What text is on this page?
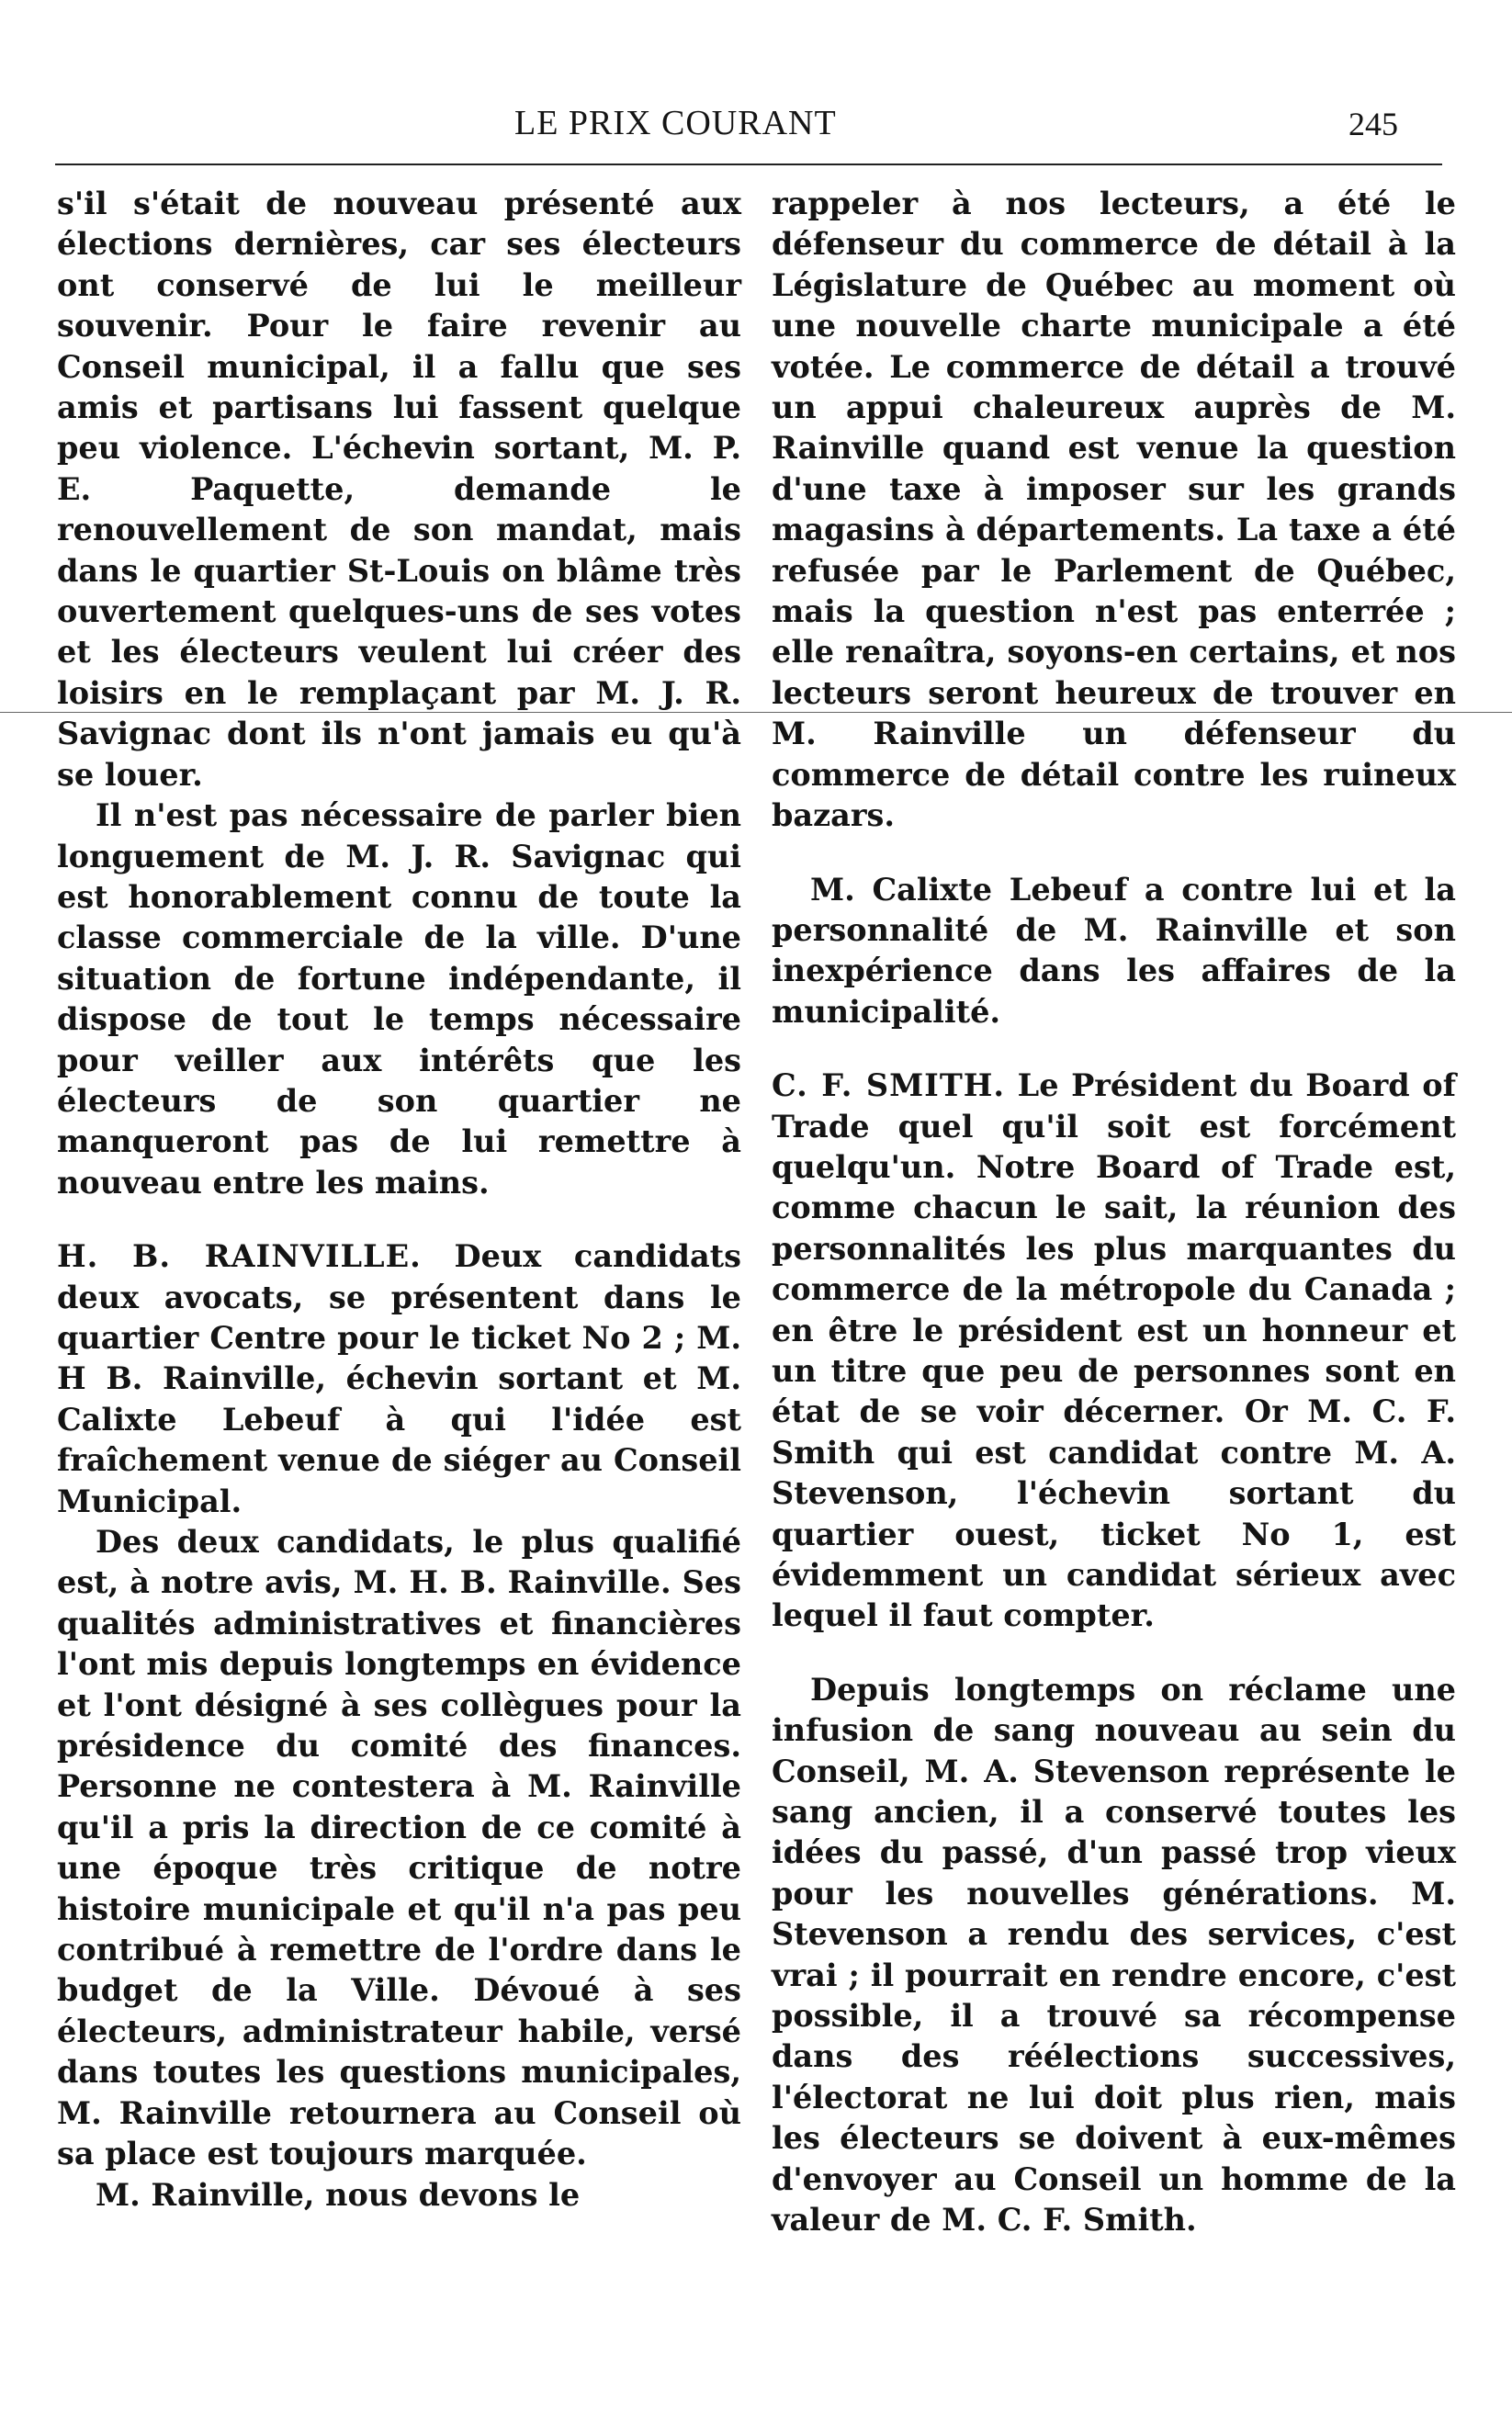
LE PRIX COURANT	245

s'il s'était de nouveau présenté aux élections dernières, car ses électeurs ont conservé de lui le meilleur souvenir. Pour le faire revenir au Conseil municipal, il a fallu que ses amis et partisans lui fassent quelque peu violence. L'échevin sortant, M. P. E. Paquette, demande le renouvellement de son mandat, mais dans le quartier St-Louis on blâme très ouvertement quelques-uns de ses votes et les électeurs veulent lui créer des loisirs en le remplaçant par M. J. R. Savignac dont ils n'ont jamais eu qu'à se louer.

Il n'est pas nécessaire de parler bien longuement de M. J. R. Savignac qui est honorablement connu de toute la classe commerciale de la ville. D'une situation de fortune indépendante, il dispose de tout le temps nécessaire pour veiller aux intérêts que les électeurs de son quartier ne manqueront pas de lui remettre à nouveau entre les mains.

H. B. RAINVILLE. Deux candidats deux avocats, se présentent dans le quartier Centre pour le ticket No 2 ; M. H B. Rainville, échevin sortant et M. Calixte Lebeuf à qui l'idée est fraîchement venue de siéger au Conseil Municipal.

Des deux candidats, le plus qualifié est, à notre avis, M. H. B. Rainville. Ses qualités administratives et financières l'ont mis depuis longtemps en évidence et l'ont désigné à ses collègues pour la présidence du comité des finances. Personne ne contestera à M. Rainville qu'il a pris la direction de ce comité à une époque très critique de notre histoire municipale et qu'il n'a pas peu contribué à remettre de l'ordre dans le budget de la Ville. Dévoué à ses électeurs, administrateur habile, versé dans toutes les questions municipales, M. Rainville retournera au Conseil où sa place est toujours marquée.

M. Rainville, nous devons le

rappeler à nos lecteurs, a été le défenseur du commerce de détail à la Législature de Québec au moment où une nouvelle charte municipale a été votée. Le commerce de détail a trouvé un appui chaleureux auprès de M. Rainville quand est venue la question d'une taxe à imposer sur les grands magasins à départements. La taxe a été refusée par le Parlement de Québec, mais la question n'est pas enterrée ; elle renaîtra, soyons-en certains, et nos lecteurs seront heureux de trouver en M. Rainville un défenseur du commerce de détail contre les ruineux bazars.

M. Calixte Lebeuf a contre lui et la personnalité de M. Rainville et son inexpérience dans les affaires de la municipalité.

C. F. SMITH. Le Président du Board of Trade quel qu'il soit est forcément quelqu'un. Notre Board of Trade est, comme chacun le sait, la réunion des personnalités les plus marquantes du commerce de la métropole du Canada ; en être le président est un honneur et un titre que peu de personnes sont en état de se voir décerner. Or M. C. F. Smith qui est candidat contre M. A. Stevenson, l'échevin sortant du quartier ouest, ticket No 1, est évidemment un candidat sérieux avec lequel il faut compter.

Depuis longtemps on réclame une infusion de sang nouveau au sein du Conseil, M. A. Stevenson représente le sang ancien, il a conservé toutes les idées du passé, d'un passé trop vieux pour les nouvelles générations. M. Stevenson a rendu des services, c'est vrai ; il pourrait en rendre encore, c'est possible, il a trouvé sa récompense dans des réélections successives, l'électorat ne lui doit plus rien, mais les électeurs se doivent à eux-mêmes d'envoyer au Conseil un homme de la valeur de M. C. F. Smith.
